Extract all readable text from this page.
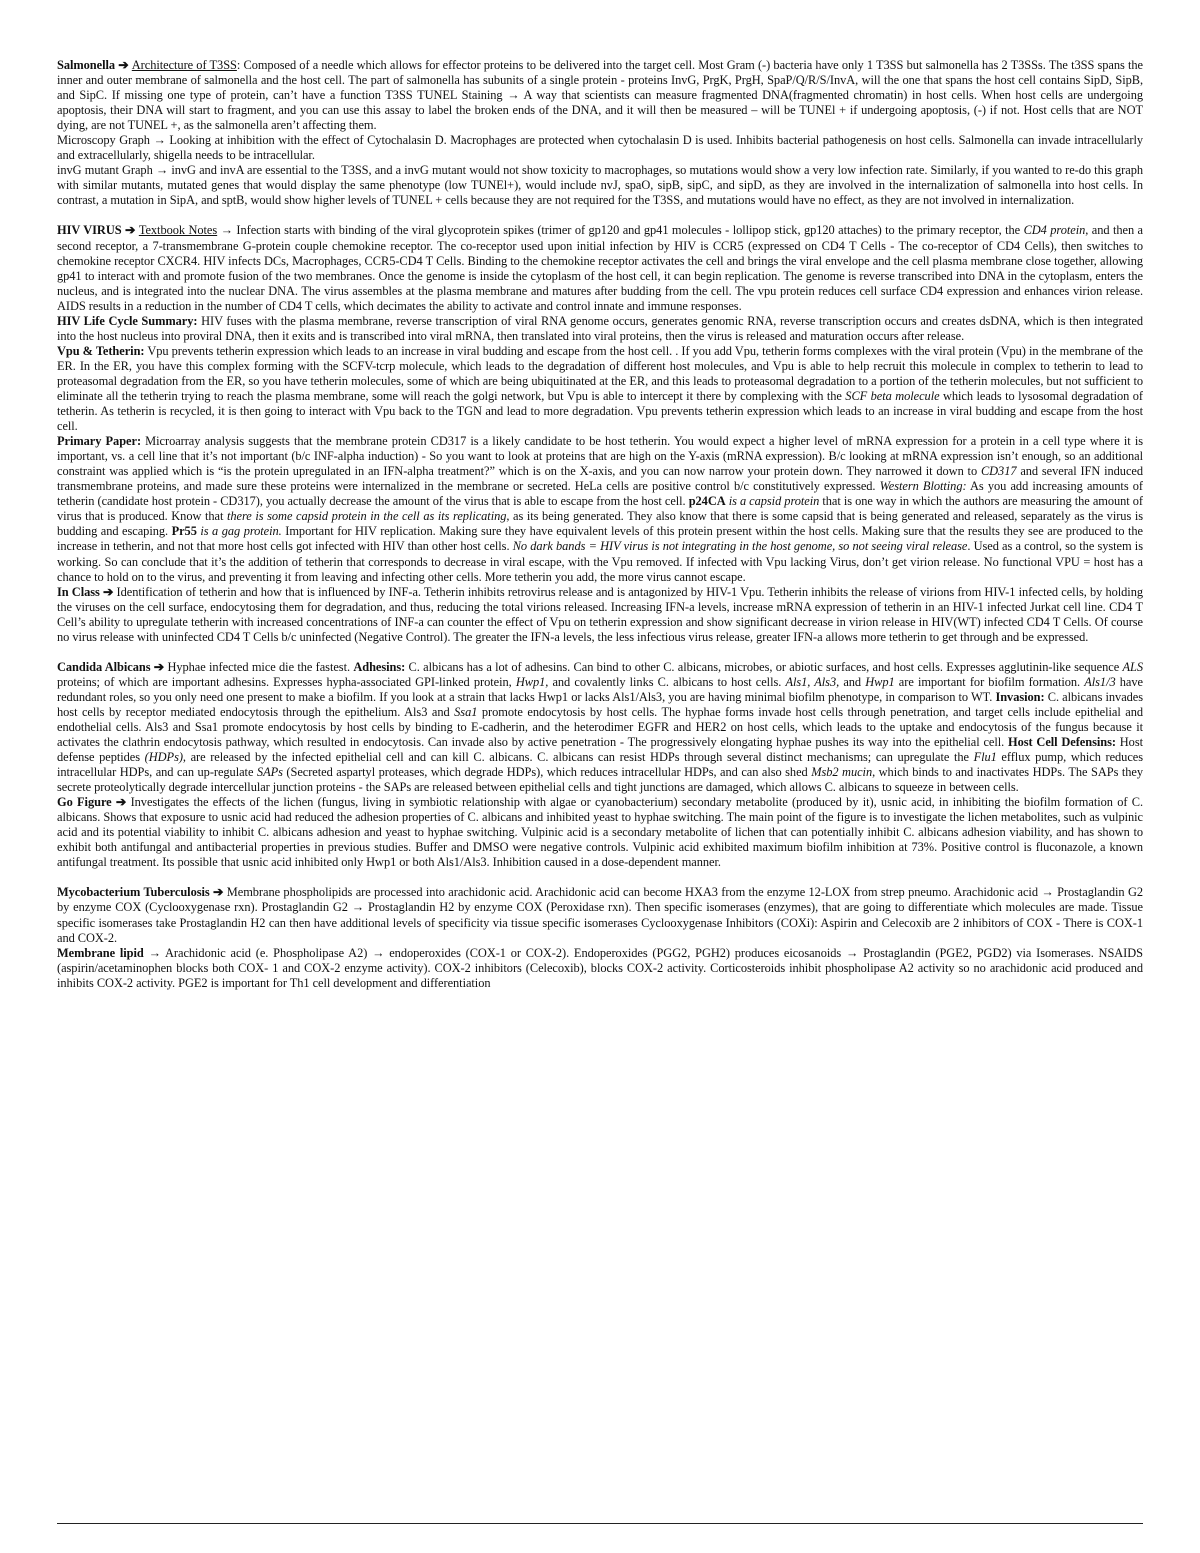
Salmonella ➔ Architecture of T3SS: Composed of a needle which allows for effector proteins to be delivered into the target cell. Most Gram (-) bacteria have only 1 T3SS but salmonella has 2 T3SSs. The t3SS spans the inner and outer membrane of salmonella and the host cell. The part of salmonella has subunits of a single protein - proteins InvG, PrgK, PrgH, SpaP/Q/R/S/InvA, will the one that spans the host cell contains SipD, SipB, and SipC. If missing one type of protein, can’t have a function T3SS TUNEL Staining → A way that scientists can measure fragmented DNA(fragmented chromatin) in host cells. When host cells are undergoing apoptosis, their DNA will start to fragment, and you can use this assay to label the broken ends of the DNA, and it will then be measured – will be TUNEl + if undergoing apoptosis, (-) if not. Host cells that are NOT dying, are not TUNEL +, as the salmonella aren’t affecting them.

Microscopy Graph → Looking at inhibition with the effect of Cytochalasin D. Macrophages are protected when cytochalasin D is used. Inhibits bacterial pathogenesis on host cells. Salmonella can invade intracellularly and extracellularly, shigella needs to be intracellular.

invG mutant Graph → invG and invA are essential to the T3SS, and a invG mutant would not show toxicity to macrophages, so mutations would show a very low infection rate. Similarly, if you wanted to re-do this graph with similar mutants, mutated genes that would display the same phenotype (low TUNEl+), would include nvJ, spaO, sipB, sipC, and sipD, as they are involved in the internalization of salmonella into host cells. In contrast, a mutation in SipA, and sptB, would show higher levels of TUNEL + cells because they are not required for the T3SS, and mutations would have no effect, as they are not involved in internalization.

HIV VIRUS ➔ Textbook Notes → Infection starts with binding of the viral glycoprotein spikes (trimer of gp120 and gp41 molecules - lollipop stick, gp120 attaches) to the primary receptor, the CD4 protein, and then a second receptor, a 7-transmembrane G-protein couple chemokine receptor. The co-receptor used upon initial infection by HIV is CCR5 (expressed on CD4 T Cells - The co-receptor of CD4 Cells), then switches to chemokine receptor CXCR4. HIV infects DCs, Macrophages, CCR5-CD4 T Cells. Binding to the chemokine receptor activates the cell and brings the viral envelope and the cell plasma membrane close together, allowing gp41 to interact with and promote fusion of the two membranes. Once the genome is inside the cytoplasm of the host cell, it can begin replication. The genome is reverse transcribed into DNA in the cytoplasm, enters the nucleus, and is integrated into the nuclear DNA. The virus assembles at the plasma membrane and matures after budding from the cell. The vpu protein reduces cell surface CD4 expression and enhances virion release. AIDS results in a reduction in the number of CD4 T cells, which decimates the ability to activate and control innate and immune responses.

HIV Life Cycle Summary: HIV fuses with the plasma membrane, reverse transcription of viral RNA genome occurs, generates genomic RNA, reverse transcription occurs and creates dsDNA, which is then integrated into the host nucleus into proviral DNA, then it exits and is transcribed into viral mRNA, then translated into viral proteins, then the virus is released and maturation occurs after release.

Vpu & Tetherin: Vpu prevents tetherin expression which leads to an increase in viral budding and escape from the host cell. . If you add Vpu, tetherin forms complexes with the viral protein (Vpu) in the membrane of the ER. In the ER, you have this complex forming with the SCFV-tcrp molecule, which leads to the degradation of different host molecules, and Vpu is able to help recruit this molecule in complex to tetherin to lead to proteasomal degradation from the ER, so you have tetherin molecules, some of which are being ubiquitinated at the ER, and this leads to proteasomal degradation to a portion of the tetherin molecules, but not sufficient to eliminate all the tetherin trying to reach the plasma membrane, some will reach the golgi network, but Vpu is able to intercept it there by complexing with the SCF beta molecule which leads to lysosomal degradation of tetherin. As tetherin is recycled, it is then going to interact with Vpu back to the TGN and lead to more degradation. Vpu prevents tetherin expression which leads to an increase in viral budding and escape from the host cell.

Primary Paper: Microarray analysis suggests that the membrane protein CD317 is a likely candidate to be host tetherin. You would expect a higher level of mRNA expression for a protein in a cell type where it is important, vs. a cell line that it’s not important (b/c INF-alpha induction) - So you want to look at proteins that are high on the Y-axis (mRNA expression). B/c looking at mRNA expression isn’t enough, so an additional constraint was applied which is “is the protein upregulated in an IFN-alpha treatment?” which is on the X-axis, and you can now narrow your protein down. They narrowed it down to CD317 and several IFN induced transmembrane proteins, and made sure these proteins were internalized in the membrane or secreted. HeLa cells are positive control b/c constitutively expressed. Western Blotting: As you add increasing amounts of tetherin (candidate host protein - CD317), you actually decrease the amount of the virus that is able to escape from the host cell. p24CA is a capsid protein that is one way in which the authors are measuring the amount of virus that is produced. Know that there is some capsid protein in the cell as its replicating, as its being generated. They also know that there is some capsid that is being generated and released, separately as the virus is budding and escaping. Pr55 is a gag protein. Important for HIV replication. Making sure they have equivalent levels of this protein present within the host cells. Making sure that the results they see are produced to the increase in tetherin, and not that more host cells got infected with HIV than other host cells. No dark bands = HIV virus is not integrating in the host genome, so not seeing viral release. Used as a control, so the system is working. So can conclude that it’s the addition of tetherin that corresponds to decrease in viral escape, with the Vpu removed. If infected with Vpu lacking Virus, don’t get virion release. No functional VPU = host has a chance to hold on to the virus, and preventing it from leaving and infecting other cells. More tetherin you add, the more virus cannot escape.

In Class ➔ Identification of tetherin and how that is influenced by INF-a. Tetherin inhibits retrovirus release and is antagonized by HIV-1 Vpu. Tetherin inhibits the release of virions from HIV-1 infected cells, by holding the viruses on the cell surface, endocytosing them for degradation, and thus, reducing the total virions released. Increasing IFN-a levels, increase mRNA expression of tetherin in an HIV-1 infected Jurkat cell line. CD4 T Cell’s ability to upregulate tetherin with increased concentrations of INF-a can counter the effect of Vpu on tetherin expression and show significant decrease in virion release in HIV(WT) infected CD4 T Cells. Of course no virus release with uninfected CD4 T Cells b/c uninfected (Negative Control). The greater the IFN-a levels, the less infectious virus release, greater IFN-a allows more tetherin to get through and be expressed.

Candida Albicans ➔ Hyphae infected mice die the fastest. Adhesins: C. albicans has a lot of adhesins. Can bind to other C. albicans, microbes, or abiotic surfaces, and host cells. Expresses agglutinin-like sequence ALS proteins; of which are important adhesins. Expresses hypha-associated GPI-linked protein, Hwp1, and covalently links C. albicans to host cells. Als1, Als3, and Hwp1 are important for biofilm formation. Als1/3 have redundant roles, so you only need one present to make a biofilm. If you look at a strain that lacks Hwp1 or lacks Als1/Als3, you are having minimal biofilm phenotype, in comparison to WT. Invasion: C. albicans invades host cells by receptor mediated endocytosis through the epithelium. Als3 and Ssa1 promote endocytosis by host cells. The hyphae forms invade host cells through penetration, and target cells include epithelial and endothelial cells. Als3 and Ssa1 promote endocytosis by host cells by binding to E-cadherin, and the heterodimer EGFR and HER2 on host cells, which leads to the uptake and endocytosis of the fungus because it activates the clathrin endocytosis pathway, which resulted in endocytosis. Can invade also by active penetration - The progressively elongating hyphae pushes its way into the epithelial cell. Host Cell Defensins: Host defense peptides (HDPs), are released by the infected epithelial cell and can kill C. albicans. C. albicans can resist HDPs through several distinct mechanisms; can upregulate the Flu1 efflux pump, which reduces intracellular HDPs, and can up-regulate SAPs (Secreted aspartyl proteases, which degrade HDPs), which reduces intracellular HDPs, and can also shed Msb2 mucin, which binds to and inactivates HDPs. The SAPs they secrete proteolytically degrade intercellular junction proteins - the SAPs are released between epithelial cells and tight junctions are damaged, which allows C. albicans to squeeze in between cells.

Go Figure ➔ Investigates the effects of the lichen (fungus, living in symbiotic relationship with algae or cyanobacterium) secondary metabolite (produced by it), usnic acid, in inhibiting the biofilm formation of C. albicans. Shows that exposure to usnic acid had reduced the adhesion properties of C. albicans and inhibited yeast to hyphae switching. The main point of the figure is to investigate the lichen metabolites, such as vulpinic acid and its potential viability to inhibit C. albicans adhesion and yeast to hyphae switching. Vulpinic acid is a secondary metabolite of lichen that can potentially inhibit C. albicans adhesion viability, and has shown to exhibit both antifungal and antibacterial properties in previous studies. Buffer and DMSO were negative controls. Vulpinic acid exhibited maximum biofilm inhibition at 73%. Positive control is fluconazole, a known antifungal treatment. Its possible that usnic acid inhibited only Hwp1 or both Als1/Als3. Inhibition caused in a dose-dependent manner.

Mycobacterium Tuberculosis ➔ Membrane phospholipids are processed into arachidonic acid. Arachidonic acid can become HXA3 from the enzyme 12-LOX from strep pneumo. Arachidonic acid → Prostaglandin G2 by enzyme COX (Cyclooxygenase rxn). Prostaglandin G2 → Prostaglandin H2 by enzyme COX (Peroxidase rxn). Then specific isomerases (enzymes), that are going to differentiate which molecules are made. Tissue specific isomerases take Prostaglandin H2 can then have additional levels of specificity via tissue specific isomerases Cyclooxygenase Inhibitors (COXi): Aspirin and Celecoxib are 2 inhibitors of COX - There is COX-1 and COX-2.

Membrane lipid → Arachidonic acid (e. Phospholipase A2) → endoperoxides (COX-1 or COX-2). Endoperoxides (PGG2, PGH2) produces eicosanoids → Prostaglandin (PGE2, PGD2) via Isomerases. NSAIDS (aspirin/acetaminophen blocks both COX- 1 and COX-2 enzyme activity). COX-2 inhibitors (Celecoxib), blocks COX-2 activity. Corticosteroids inhibit phospholipase A2 activity so no arachidonic acid produced and inhibits COX-2 activity. PGE2 is important for Th1 cell development and differentiation
